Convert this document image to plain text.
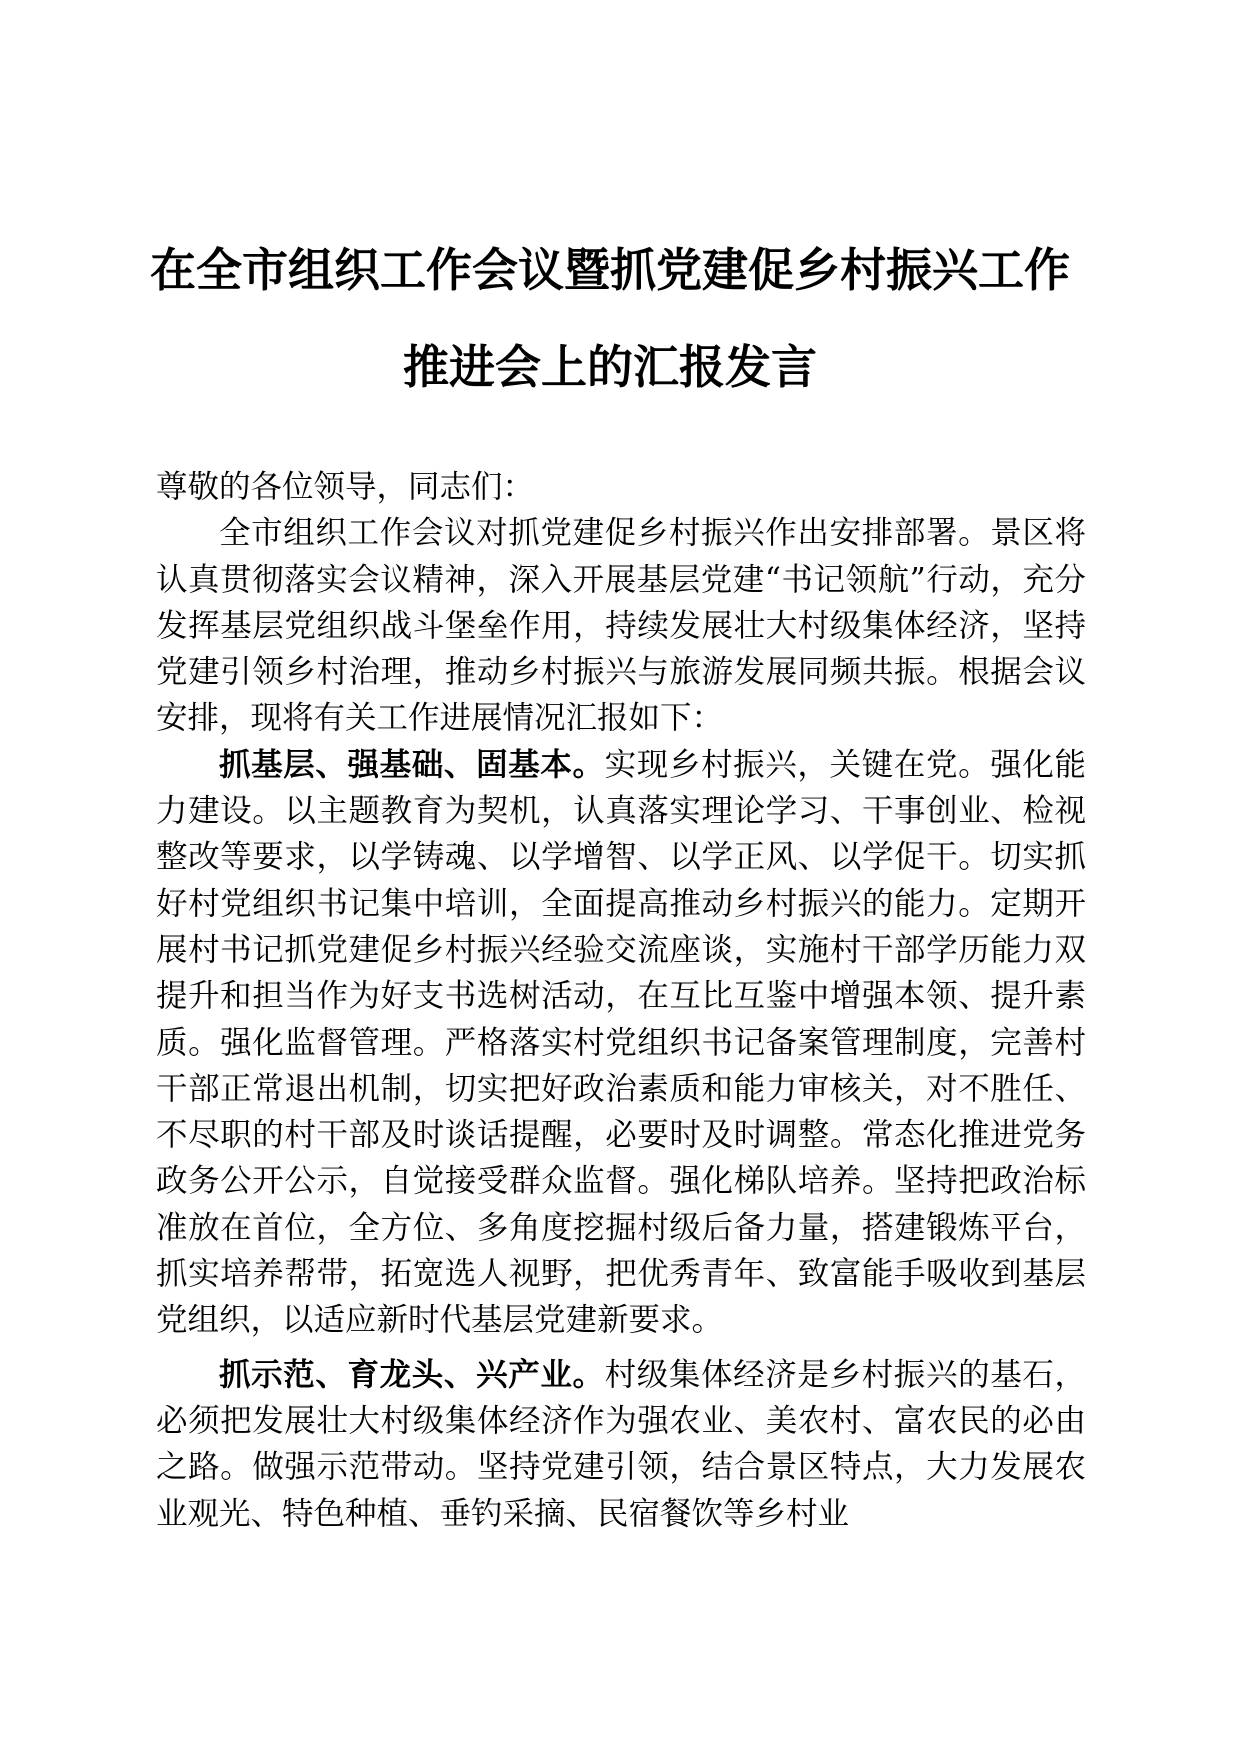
在全市组织工作会议暨抓党建促乡村振兴工作
推进会上的汇报发言

尊敬的各位领导，同志们：

全市组织工作会议对抓党建促乡村振兴作出安排部署。景区将认真贯彻落实会议精神，深入开展基层党建“书记领航”行动，充分发挥基层党组织战斗堡垒作用，持续发展壮大村级集体经济，坚持党建引领乡村治理，推动乡村振兴与旅游发展同频共振。根据会议安排，现将有关工作进展情况汇报如下：

抓基层、强基础、固基本。实现乡村振兴，关键在党。强化能力建设。以主题教育为契机，认真落实理论学习、干事创业、检视整改等要求，以学铸魂、以学增智、以学正风、以学促干。切实抓好村党组织书记集中培训，全面提高推动乡村振兴的能力。定期开展村书记抓党建促乡村振兴经验交流座谈，实施村干部学历能力双提升和担当作为好支书选树活动，在互比互鉴中增强本领、提升素质。强化监督管理。严格落实村党组织书记备案管理制度，完善村干部正常退出机制，切实把好政治素质和能力审核关，对不胜任、不尽职的村干部及时谈话提醒，必要时及时调整。常态化推进党务政务公开公示，自觉接受群众监督。强化梯队培养。坚持把政治标准放在首位，全方位、多角度挖掘村级后备力量，搭建锻炼平台，抓实培养帮带，拓宽选人视野，把优秀青年、致富能手吸收到基层党组织，以适应新时代基层党建新要求。

抓示范、育龙头、兴产业。村级集体经济是乡村振兴的基石，必须把发展壮大村级集体经济作为强农业、美农村、富农民的必由之路。做强示范带动。坚持党建引领，结合景区特点，大力发展农业观光、特色种植、垂钓采摘、民宿餐饮等乡村业
